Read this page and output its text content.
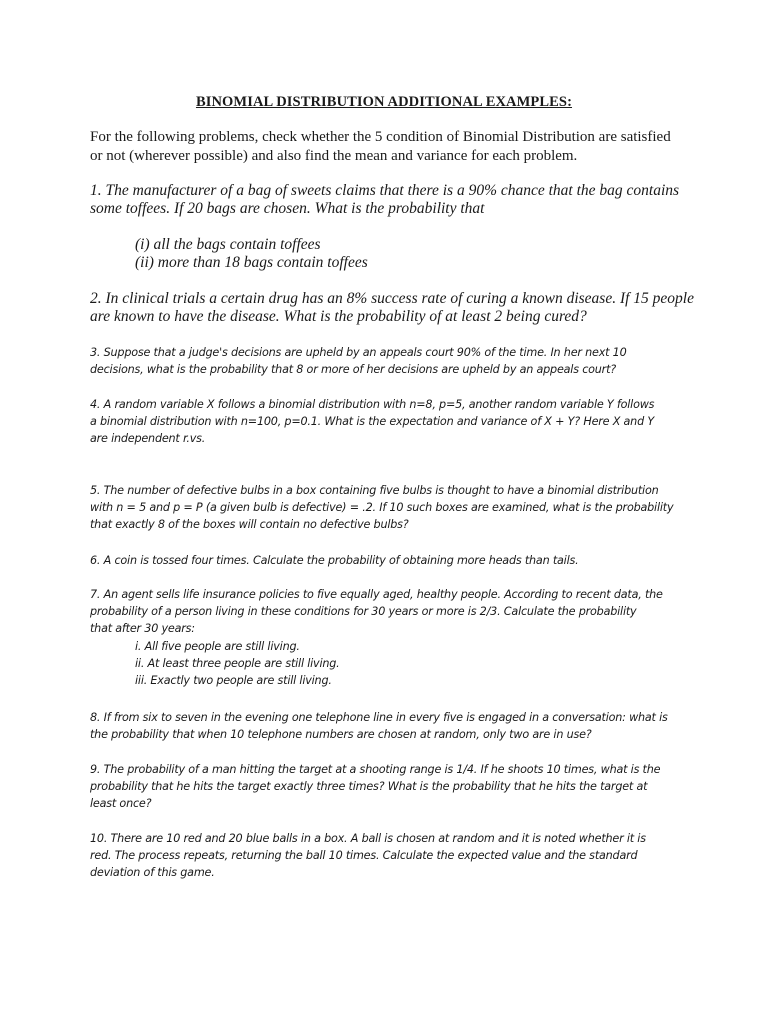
BINOMIAL DISTRIBUTION ADDITIONAL EXAMPLES:
For the following problems, check whether the 5 condition of Binomial Distribution are satisfied
or not (wherever possible) and also find the mean and variance for each problem.
1. The manufacturer of a bag of sweets claims that there is a 90% chance that the bag contains
some toffees. If 20 bags are chosen. What is the probability that
(i) all the bags contain toffees
(ii) more than 18 bags contain toffees
2. In clinical trials a certain drug has an 8% success rate of curing a known disease. If 15 people
are known to have the disease. What is the probability of at least 2 being cured?
3. Suppose that a judge's decisions are upheld by an appeals court 90% of the time. In her next 10
decisions, what is the probability that 8 or more of her decisions are upheld by an appeals court?
4. A random variable X follows a binomial distribution with n=8, p=5, another random variable Y follows
a binomial distribution with n=100, p=0.1. What is the expectation and variance of X + Y? Here X and Y
are independent r.vs.
5. The number of defective bulbs in a box containing five bulbs is thought to have a binomial distribution
with n = 5 and p = P (a given bulb is defective) = .2. If 10 such boxes are examined, what is the probability
that exactly 8 of the boxes will contain no defective bulbs?
6. A coin is tossed four times. Calculate the probability of obtaining more heads than tails.
7. An agent sells life insurance policies to five equally aged, healthy people. According to recent data, the
probability of a person living in these conditions for 30 years or more is 2/3. Calculate the probability
that after 30 years:
i. All five people are still living.
ii. At least three people are still living.
iii. Exactly two people are still living.
8. If from six to seven in the evening one telephone line in every five is engaged in a conversation: what is
the probability that when 10 telephone numbers are chosen at random, only two are in use?
9. The probability of a man hitting the target at a shooting range is 1/4. If he shoots 10 times, what is the
probability that he hits the target exactly three times? What is the probability that he hits the target at
least once?
10. There are 10 red and 20 blue balls in a box. A ball is chosen at random and it is noted whether it is
red. The process repeats, returning the ball 10 times. Calculate the expected value and the standard
deviation of this game.
